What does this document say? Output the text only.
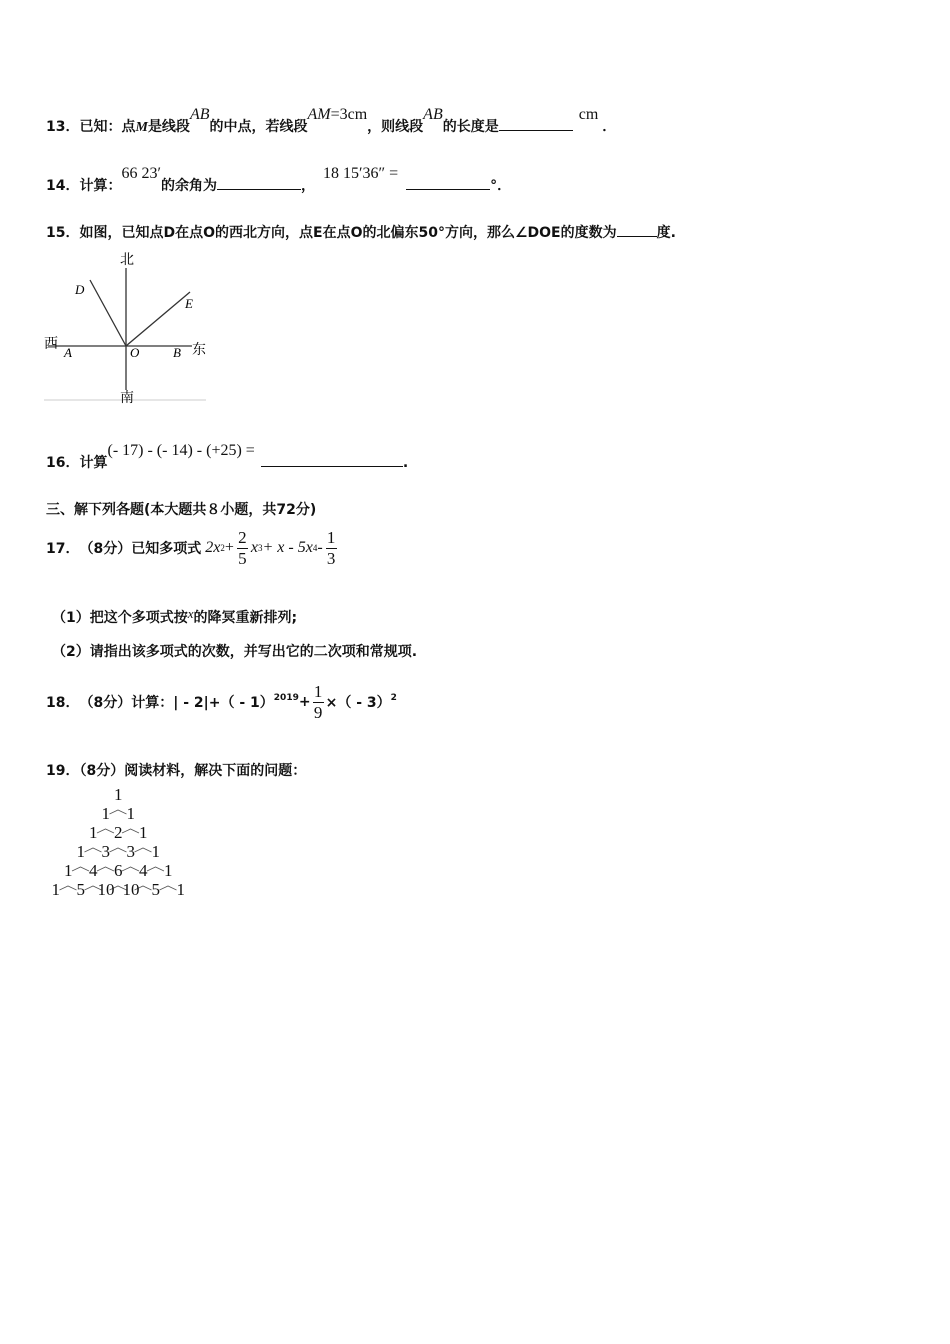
13．已知：点M是线段AB的中点，若线段AM=3cm，则线段AB的长度是cm．
14．计算：66 23′的余角为	，18 15′36″ =°．
15．如图，已知点D在点O的西北方向，点E在点O的北偏东50°方向，那么∠DOE的度数为	度.
北
南
西	东
D
E
A	O	B
16．计算(- 17) - (- 14) - (+25) =.
三、解下列各题(本大题共８小题，共72分)
17． （8分） 已知多项式 2x $2 + \frac{2}{5}$ x 3 + x - 5x $4 - \frac{1}{3}$
（1）把这个多项式按x的降冥重新排列;
（2）请指出该多项式的次数，并写出它的二次项和常规项.
18． （8分） 计算：| - $2|+( - 1)^{2019} + \frac{1}{9}$ ×（ - 3）$^2$
19．（8分）阅读材料，解决下面的问题：
1
1 1
1 2 1
1 3 3 1
1 4 6 4 1
1 5 10 10 5 1
